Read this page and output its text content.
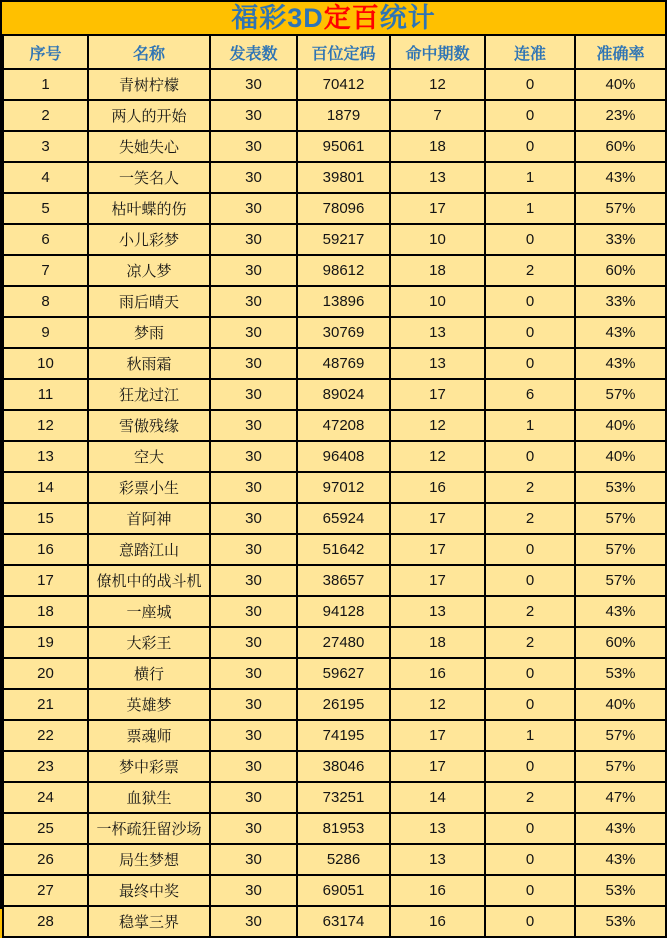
福彩3D 定百 统计
序号	名称	发表数	百位定码	命中期数	连准	准确率
1	青树柠檬	30	70412	12	0	40%
2	两人的开始	30	1879	7	0	23%
3	失她失心	30	95061	18	0	60%
4	一笑名人	30	39801	13	1	43%
5	枯叶蝶的伤	30	78096	17	1	57%
6	小儿彩梦	30	59217	10	0	33%
7	凉人梦	30	98612	18	2	60%
8	雨后晴天	30	13896	10	0	33%
9	梦雨	30	30769	13	0	43%
10	秋雨霜	30	48769	13	0	43%
11	狂龙过江	30	89024	17	6	57%
12	雪傲残缘	30	47208	12	1	40%
13	空大	30	96408	12	0	40%
14	彩票小生	30	97012	16	2	53%
15	首阿神	30	65924	17	2	57%
16	意踏江山	30	51642	17	0	57%
17	僚机中的战斗机	30	38657	17	0	57%
18	一座城	30	94128	13	2	43%
19	大彩王	30	27480	18	2	60%
20	横行	30	59627	16	0	53%
21	英雄梦	30	26195	12	0	40%
22	票魂师	30	74195	17	1	57%
23	梦中彩票	30	38046	17	0	57%
24	血狱生	30	73251	14	2	47%
25	一杯疏狂留沙场	30	81953	13	0	43%
26	局生梦想	30	5286	13	0	43%
27	最终中奖	30	69051	16	0	53%
28	稳掌三界	30	63174	16	0	53%
